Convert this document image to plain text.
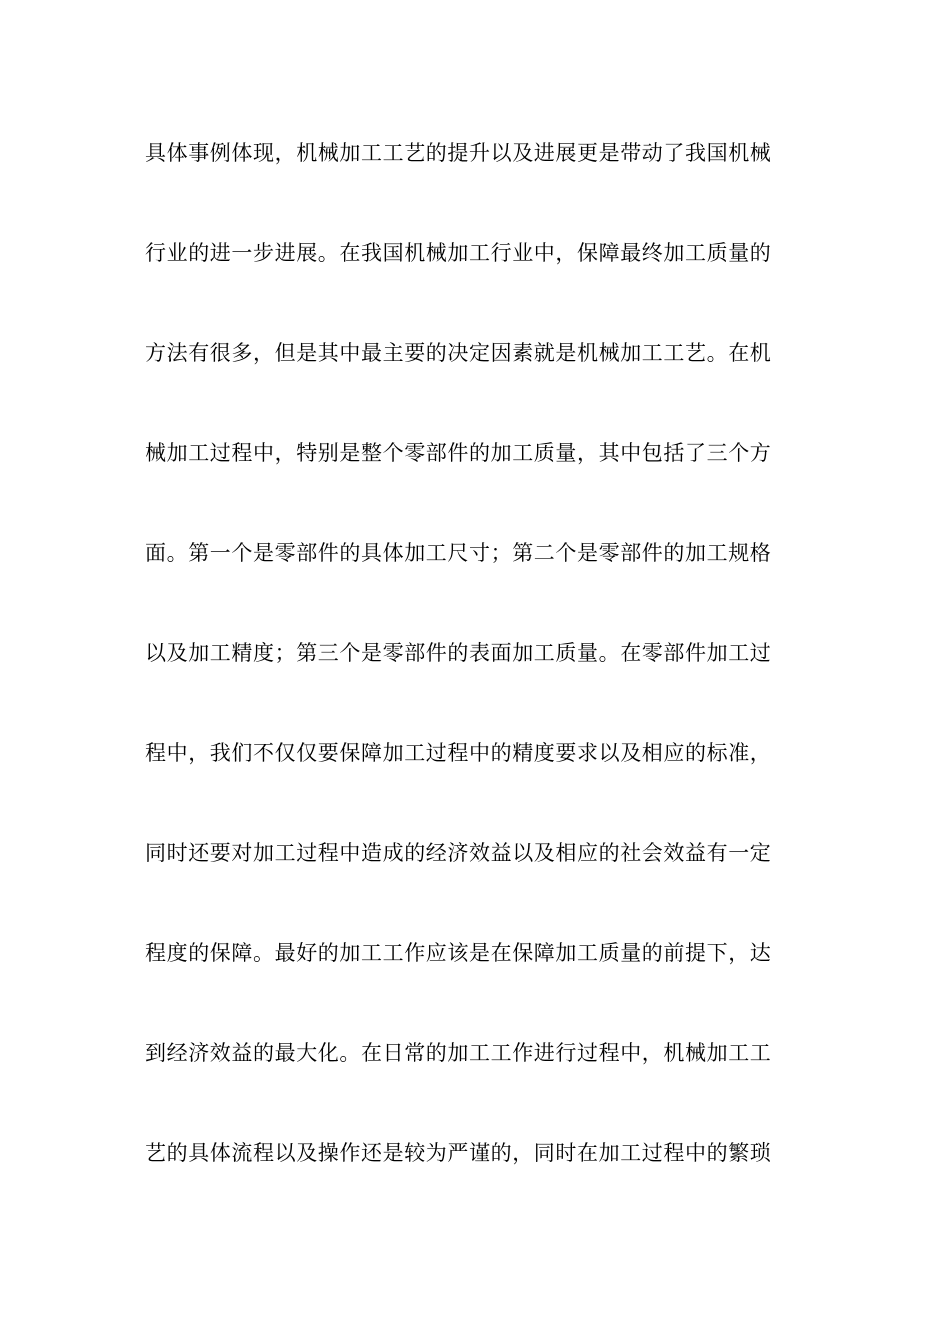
具体事例体现，机械加工工艺的提升以及进展更是带动了我国机械
行业的进一步进展。在我国机械加工行业中，保障最终加工质量的
方法有很多，但是其中最主要的决定因素就是机械加工工艺。在机
械加工过程中，特别是整个零部件的加工质量，其中包括了三个方
面。第一个是零部件的具体加工尺寸；第二个是零部件的加工规格
以及加工精度；第三个是零部件的表面加工质量。在零部件加工过
程中，我们不仅仅要保障加工过程中的精度要求以及相应的标准，
同时还要对加工过程中造成的经济效益以及相应的社会效益有一定
程度的保障。最好的加工工作应该是在保障加工质量的前提下，达
到经济效益的最大化。在日常的加工工作进行过程中，机械加工工
艺的具体流程以及操作还是较为严谨的，同时在加工过程中的繁琐
